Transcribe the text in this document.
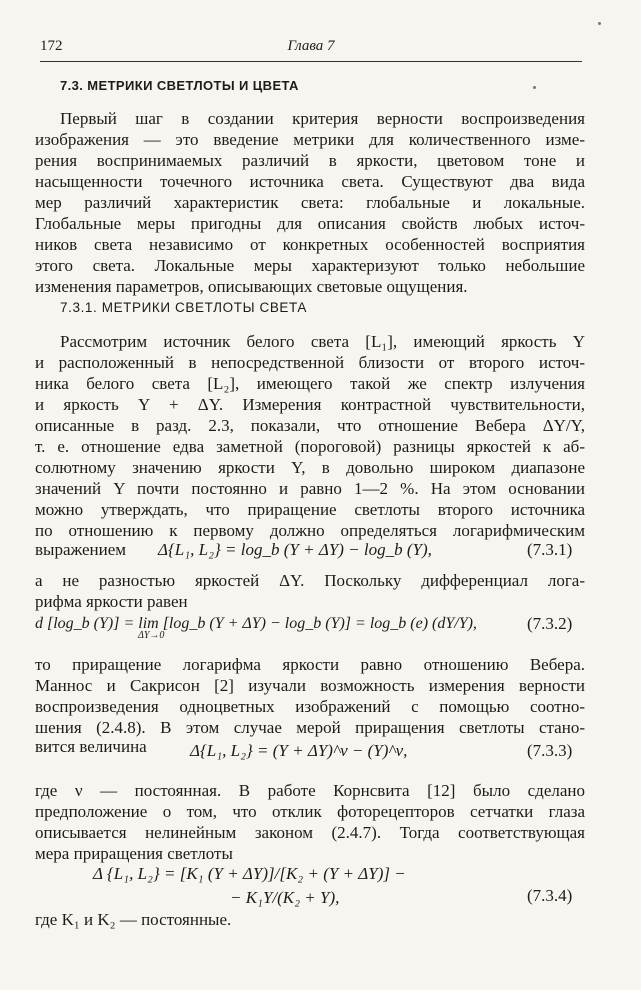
172	Глава 7
7.3. МЕТРИКИ СВЕТЛОТЫ И ЦВЕТА
Первый шаг в создании критерия верности воспроизведения
изображения — это введение метрики для количественного изме-
рения воспринимаемых различий в яркости, цветовом тоне и
насыщенности точечного источника света. Существуют два вида
мер различий характеристик света: глобальные и локальные.
Глобальные меры пригодны для описания свойств любых источ-
ников света независимо от конкретных особенностей восприятия
этого света. Локальные меры характеризуют только небольшие
изменения параметров, описывающих световые ощущения.
7.3.1. МЕТРИКИ СВЕТЛОТЫ СВЕТА
Рассмотрим источник белого света [L₁], имеющий яркость Y
и расположенный в непосредственной близости от второго источ-
ника белого света [L₂], имеющего такой же спектр излучения
и яркость Y + ΔY. Измерения контрастной чувствительности,
описанные в разд. 2.3, показали, что отношение Вебера ΔY/Y,
т. е. отношение едва заметной (пороговой) разницы яркостей к аб-
солютному значению яркости Y, в довольно широком диапазоне
значений Y почти постоянно и равно 1—2 %. На этом основании
можно утверждать, что приращение светлоты второго источника
по отношению к первому должно определяться логарифмическим
выражением	Δ{L₁, L₂} = log_b (Y + ΔY) − log_b (Y),	(7.3.1)
а не разностью яркостей ΔY. Поскольку дифференциал лога-
рифма яркости равен
d [log_b (Y)] = lim [log_b (Y + ΔY) − log_b (Y)] = log_b (e) (dY/Y),
ΔY→0
(7.3.2)
то приращение логарифма яркости равно отношению Вебера.
Маннос и Сакрисон [2] изучали возможность измерения верности
воспроизведения одноцветных изображений с помощью соотно-
шения (2.4.8). В этом случае мерой приращения светлоты стано-
вится величина	Δ{L₁, L₂} = (Y + ΔY)^ν − (Y)^ν,	(7.3.3)
где ν — постоянная. В работе Корнсвита [12] было сделано
предположение о том, что отклик фоторецепторов сетчатки глаза
описывается нелинейным законом (2.4.7). Тогда соответствующая
мера приращения светлоты
Δ {L₁, L₂} = [K₁ (Y + ΔY)]/[K₂ + (Y + ΔY)] −
− K₁Y/(K₂ + Y),	(7.3.4)
где K₁ и K₂ — постоянные.
